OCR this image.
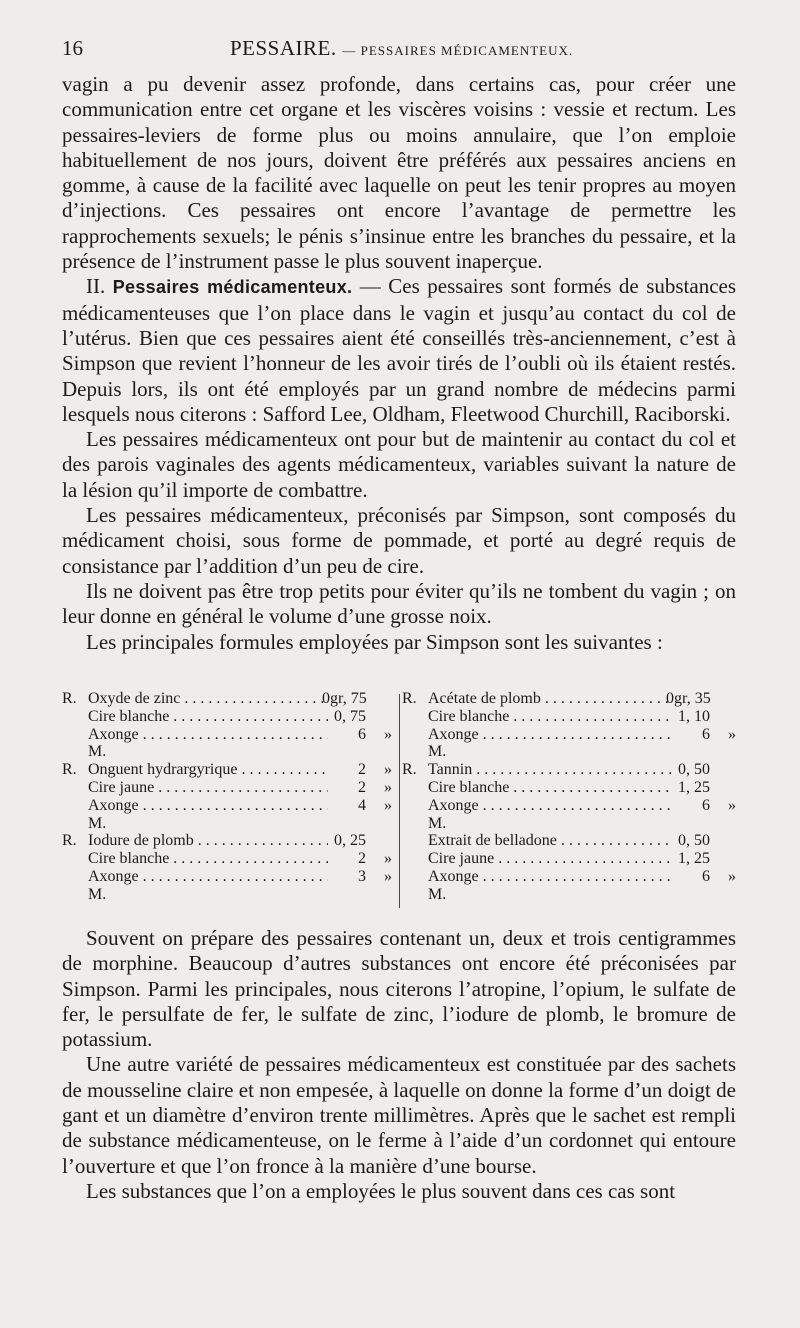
16	PESSAIRE. — PESSAIRES MÉDICAMENTEUX.

vagin a pu devenir assez profonde, dans certains cas, pour créer une communication entre cet organe et les viscères voisins : vessie et rectum. Les pessaires-leviers de forme plus ou moins annulaire, que l’on emploie habituellement de nos jours, doivent être préférés aux pessaires anciens en gomme, à cause de la facilité avec laquelle on peut les tenir propres au moyen d’injections. Ces pessaires ont encore l’avantage de permettre les rapprochements sexuels; le pénis s’insinue entre les branches du pessaire, et la présence de l’instrument passe le plus souvent inaperçue.

II. Pessaires médicamenteux. — Ces pessaires sont formés de substances médicamenteuses que l’on place dans le vagin et jusqu’au contact du col de l’utérus. Bien que ces pessaires aient été conseillés très-anciennement, c’est à Simpson que revient l’honneur de les avoir tirés de l’oubli où ils étaient restés. Depuis lors, ils ont été employés par un grand nombre de médecins parmi lesquels nous citerons : Safford Lee, Oldham, Fleetwood Churchill, Raciborski.

Les pessaires médicamenteux ont pour but de maintenir au contact du col et des parois vaginales des agents médicamenteux, variables suivant la nature de la lésion qu’il importe de combattre.

Les pessaires médicamenteux, préconisés par Simpson, sont composés du médicament choisi, sous forme de pommade, et porté au degré requis de consistance par l’addition d’un peu de cire.

Ils ne doivent pas être trop petits pour éviter qu’ils ne tombent du vagin ; on leur donne en général le volume d’une grosse noix.

Les principales formules employées par Simpson sont les suivantes :

R. Oxyde de zinc . . .	0gr, 75
Cire blanche . . .	0, 75
Axonge . . .	6	»
M.
R. Onguent hydrargyrique . . .	2	»
Cire jaune . . .	2	»
Axonge . . .	4	»
M.
R. Iodure de plomb . . .	0, 25
Cire blanche . . .	2	»
Axonge . . .	3	»
M.
R. Acétate de plomb . . .	0gr, 35
Cire blanche . . .	1, 10
Axonge . . .	6	»
M.
R. Tannin . . .	0, 50
Cire blanche . . .	1, 25
Axonge . . .	6	»
M.
Extrait de belladone . . .	0, 50
Cire jaune . . .	1, 25
Axonge . . .	6	»
M.

Souvent on prépare des pessaires contenant un, deux et trois centigrammes de morphine. Beaucoup d’autres substances ont encore été préconisées par Simpson. Parmi les principales, nous citerons l’atropine, l’opium, le sulfate de fer, le persulfate de fer, le sulfate de zinc, l’iodure de plomb, le bromure de potassium.

Une autre variété de pessaires médicamenteux est constituée par des sachets de mousseline claire et non empesée, à laquelle on donne la forme d’un doigt de gant et un diamètre d’environ trente millimètres. Après que le sachet est rempli de substance médicamenteuse, on le ferme à l’aide d’un cordonnet qui entoure l’ouverture et que l’on fronce à la manière d’une bourse.

Les substances que l’on a employées le plus souvent dans ces cas sont
